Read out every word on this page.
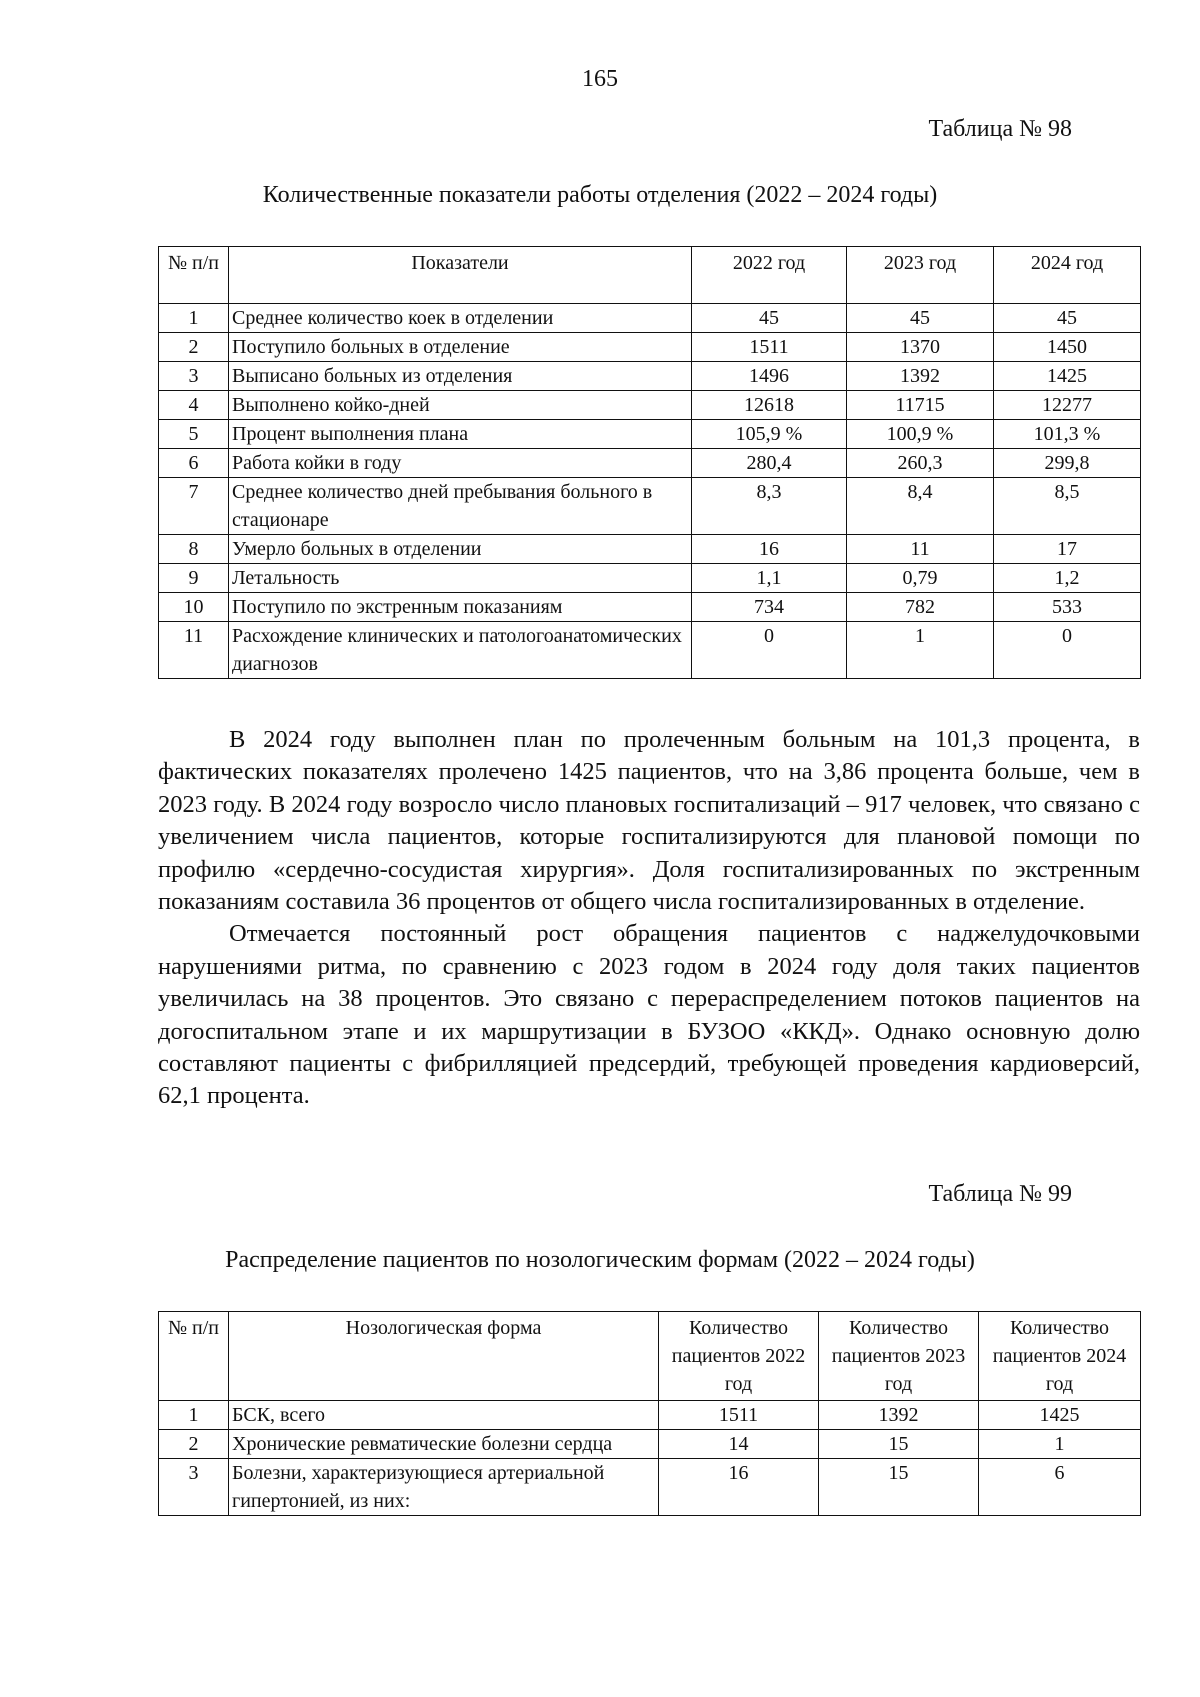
165
Таблица № 98
Количественные показатели работы отделения (2022 – 2024 годы)
№ п/п	Показатели	2022 год	2023 год	2024 год
1	Среднее количество коек в отделении	45	45	45
2	Поступило больных в отделение	1511	1370	1450
3	Выписано больных из отделения	1496	1392	1425
4	Выполнено койко-дней	12618	11715	12277
5	Процент выполнения плана	105,9 %	100,9 %	101,3 %
6	Работа койки в году	280,4	260,3	299,8
7	Среднее количество дней пребывания больного в стационаре	8,3	8,4	8,5
8	Умерло больных в отделении	16	11	17
9	Летальность	1,1	0,79	1,2
10	Поступило по экстренным показаниям	734	782	533
11	Расхождение клинических и патологоанатомических диагнозов	0	1	0

В 2024 году выполнен план по пролеченным больным на 101,3 процента, в фактических показателях пролечено 1425 пациентов, что на 3,86 процента больше, чем в 2023 году. В 2024 году возросло число плановых госпитализаций – 917 человек, что связано с увеличением числа пациентов, которые госпитализируются для плановой помощи по профилю «сердечно-сосудистая хирургия». Доля госпитализированных по экстренным показаниям составила 36 процентов от общего числа госпитализированных в отделение.

Отмечается постоянный рост обращения пациентов с наджелудочковыми нарушениями ритма, по сравнению с 2023 годом в 2024 году доля таких пациентов увеличилась на 38 процентов. Это связано с перераспределением потоков пациентов на догоспитальном этапе и их маршрутизации в БУЗОО «ККД». Однако основную долю составляют пациенты с фибрилляцией предсердий, требующей проведения кардиоверсий, 62,1 процента.

Таблица № 99
Распределение пациентов по нозологическим формам (2022 – 2024 годы)
№ п/п	Нозологическая форма	Количество пациентов 2022 год	Количество пациентов 2023 год	Количество пациентов 2024 год
1	БСК, всего	1511	1392	1425
2	Хронические ревматические болезни сердца	14	15	1
3	Болезни, характеризующиеся артериальной гипертонией, из них:	16	15	6
